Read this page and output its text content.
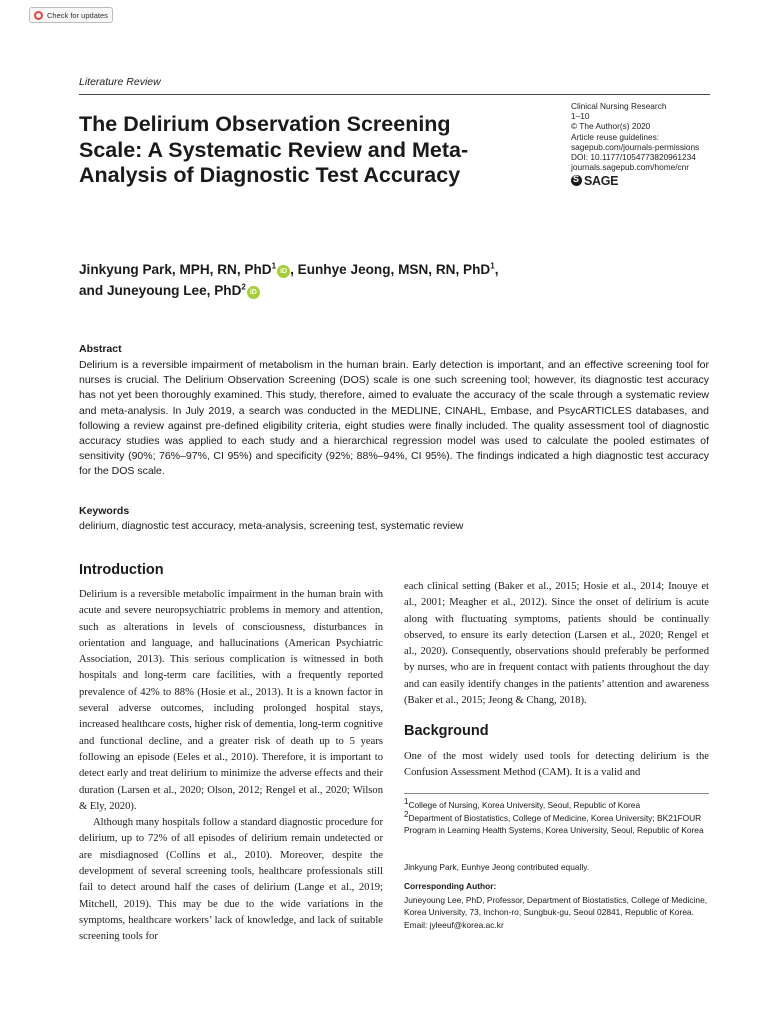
Check for updates
Literature Review
The Delirium Observation Screening Scale: A Systematic Review and Meta-Analysis of Diagnostic Test Accuracy
Clinical Nursing Research
1–10
© The Author(s) 2020
Article reuse guidelines:
sagepub.com/journals-permissions
DOI: 10.1177/1054773820961234
journals.sagepub.com/home/cnr
S
SAGE
Jinkyung Park, MPH, RN, PhD$^1$iD , Eunhye Jeong, MSN, RN, PhD$^1$,
and Juneyoung Lee, PhD$^2$iD
Abstract
Delirium is a reversible impairment of metabolism in the human brain. Early detection is important, and an effective screening tool for nurses is crucial. The Delirium Observation Screening (DOS) scale is one such screening tool; however, its diagnostic test accuracy has not yet been thoroughly examined. This study, therefore, aimed to evaluate the accuracy of the scale through a systematic review and meta-analysis. In July 2019, a search was conducted in the MEDLINE, CINAHL, Embase, and PsycARTICLES databases, and following a review against pre-defined eligibility criteria, eight studies were finally included. The quality assessment tool of diagnostic accuracy studies was applied to each study and a hierarchical regression model was used to calculate the pooled estimates of sensitivity (90%; 76%–97%, CI 95%) and specificity (92%; 88%–94%, CI 95%). The findings indicated a high diagnostic test accuracy for the DOS scale.
Keywords
delirium, diagnostic test accuracy, meta-analysis, screening test, systematic review
Introduction

Delirium is a reversible metabolic impairment in the human brain with acute and severe neuropsychiatric problems in memory and attention, such as alterations in levels of consciousness, disturbances in orientation and language, and hallucinations (American Psychiatric Association, 2013). This serious complication is witnessed in both hospitals and long-term care facilities, with a frequently reported prevalence of 42% to 88% (Hosie et al., 2013). It is a known factor in several adverse outcomes, including prolonged hospital stays, increased healthcare costs, higher risk of dementia, long-term cognitive and functional decline, and a greater risk of death up to 5 years following an episode (Eeles et al., 2010). Therefore, it is important to detect early and treat delirium to minimize the adverse effects and their duration (Larsen et al., 2020; Olson, 2012; Rengel et al., 2020; Wilson & Ely, 2020).

Although many hospitals follow a standard diagnostic procedure for delirium, up to 72% of all episodes of delirium remain undetected or are misdiagnosed (Collins et al., 2010). Moreover, despite the development of several screening tools, healthcare professionals still fail to detect around half the cases of delirium (Lange et al., 2019; Mitchell, 2019). This may be due to the wide variations in the symptoms, healthcare workers’ lack of knowledge, and lack of suitable screening tools for

each clinical setting (Baker et al., 2015; Hosie et al., 2014; Inouye et al., 2001; Meagher et al., 2012). Since the onset of delirium is acute along with fluctuating symptoms, patients should be continually observed, to ensure its early detection (Larsen et al., 2020; Rengel et al., 2020). Consequently, observations should preferably be performed by nurses, who are in frequent contact with patients throughout the day and can easily identify changes in the patients’ attention and awareness (Baker et al., 2015; Jeong & Chang, 2018).
Background
One of the most widely used tools for detecting delirium is the Confusion Assessment Method (CAM). It is a valid and
$^1$College of Nursing, Korea University, Seoul, Republic of Korea
$^2$Department of Biostatistics, College of Medicine, Korea University; BK21FOUR Program in Learning Health Systems, Korea University, Seoul, Republic of Korea
Jinkyung Park, Eunhye Jeong contributed equally.
Corresponding Author:
Juneyoung Lee, PhD, Professor, Department of Biostatistics, College of Medicine, Korea University, 73, Inchon-ro, Sungbuk-gu, Seoul 02841, Republic of Korea.
Email: jyleeuf@korea.ac.kr
